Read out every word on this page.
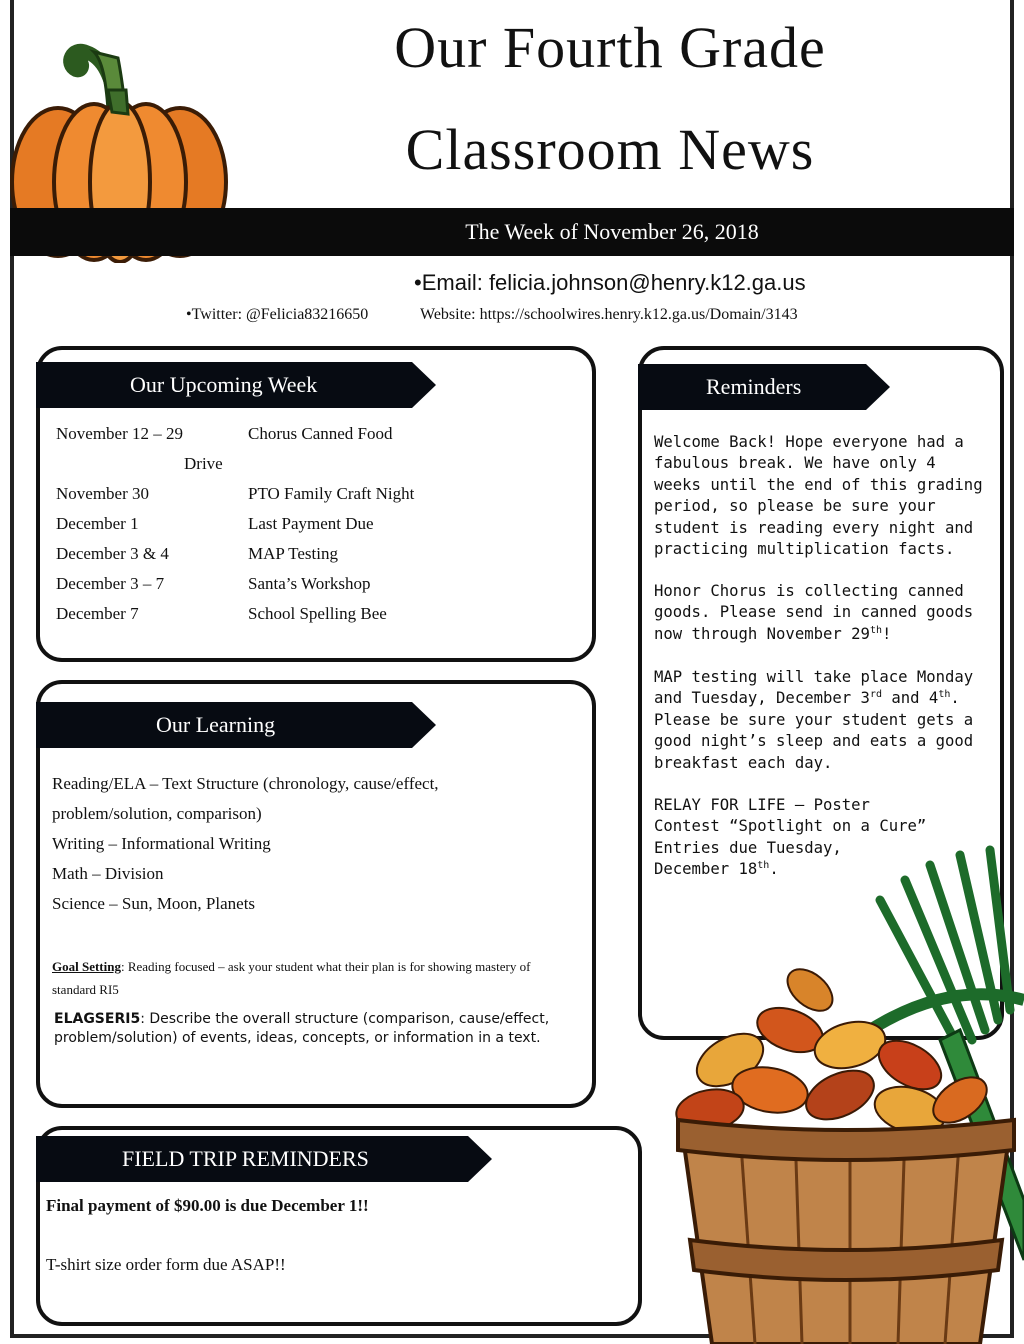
Our Fourth Grade
Classroom News
The Week of November 26, 2018
•Email: felicia.johnson@henry.k12.ga.us
•Twitter: @Felicia83216650	Website: https://schoolwires.henry.k12.ga.us/Domain/3143
Our Upcoming Week
November 12 – 29	Chorus Canned Food
Drive
November 30	PTO Family Craft Night
December 1	Last Payment Due
December 3 & 4	MAP Testing
December 3 – 7	Santa’s Workshop
December 7	School Spelling Bee
Our Learning
Reading/ELA – Text Structure (chronology, cause/effect,
problem/solution, comparison)
Writing – Informational Writing
Math – Division
Science – Sun, Moon, Planets
Goal Setting: Reading focused – ask your student what their plan is for showing mastery of standard RI5
ELAGSERI5: Describe the overall structure (comparison, cause/effect, problem/solution) of events, ideas, concepts, or information in a text.
FIELD TRIP REMINDERS
Final payment of $90.00 is due December 1!!
T-shirt size order form due ASAP!!
Reminders
Welcome Back! Hope everyone had a fabulous break. We have only 4 weeks until the end of this grading period, so please be sure your student is reading every night and practicing multiplication facts.
Honor Chorus is collecting canned goods. Please send in canned goods now through November 29th!
MAP testing will take place Monday and Tuesday, December 3rd and 4th. Please be sure your student gets a good night’s sleep and eats a good breakfast each day.
RELAY FOR LIFE – Poster
Contest “Spotlight on a Cure”
Entries due Tuesday,
December 18th.
